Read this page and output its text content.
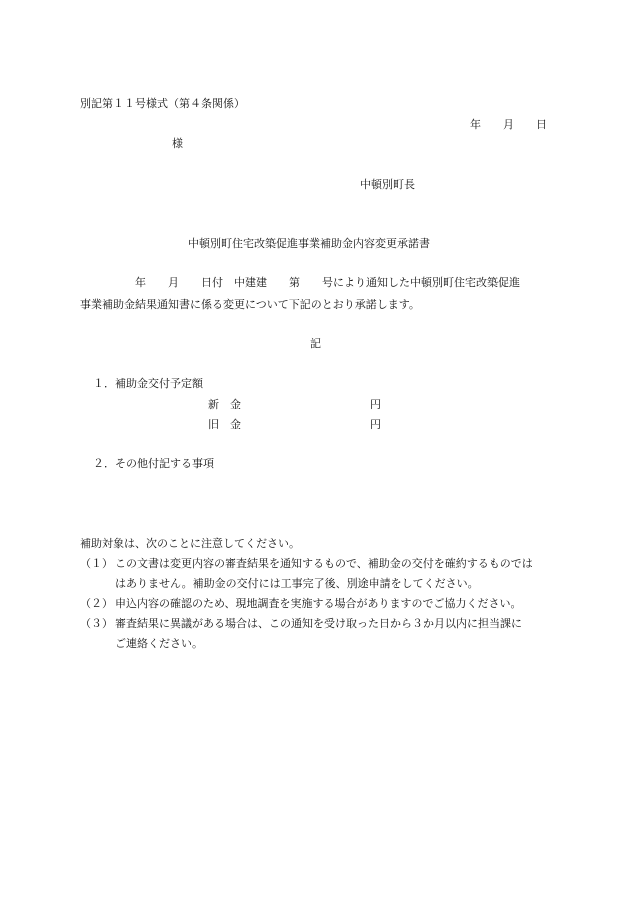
別記第１１号様式（第４条関係）
年　　月　　日
様
中頓別町長
中頓別町住宅改築促進事業補助金内容変更承諾書
　　　　　年　　月　　日付　中建建　　第　　号により通知した中頓別町住宅改築促進
事業補助金結果通知書に係る変更について下記のとおり承諾します。
記
１．補助金交付予定額
新　金	円
旧　金	円
２．その他付記する事項
補助対象は、次のことに注意してください。
（１） この文書は変更内容の審査結果を通知するもので、補助金の交付を確約するものでは
はありません。補助金の交付には工事完了後、別途申請をしてください。
（２） 申込内容の確認のため、現地調査を実施する場合がありますのでご協力ください。
（３） 審査結果に異議がある場合は、この通知を受け取った日から３か月以内に担当課に
ご連絡ください。
